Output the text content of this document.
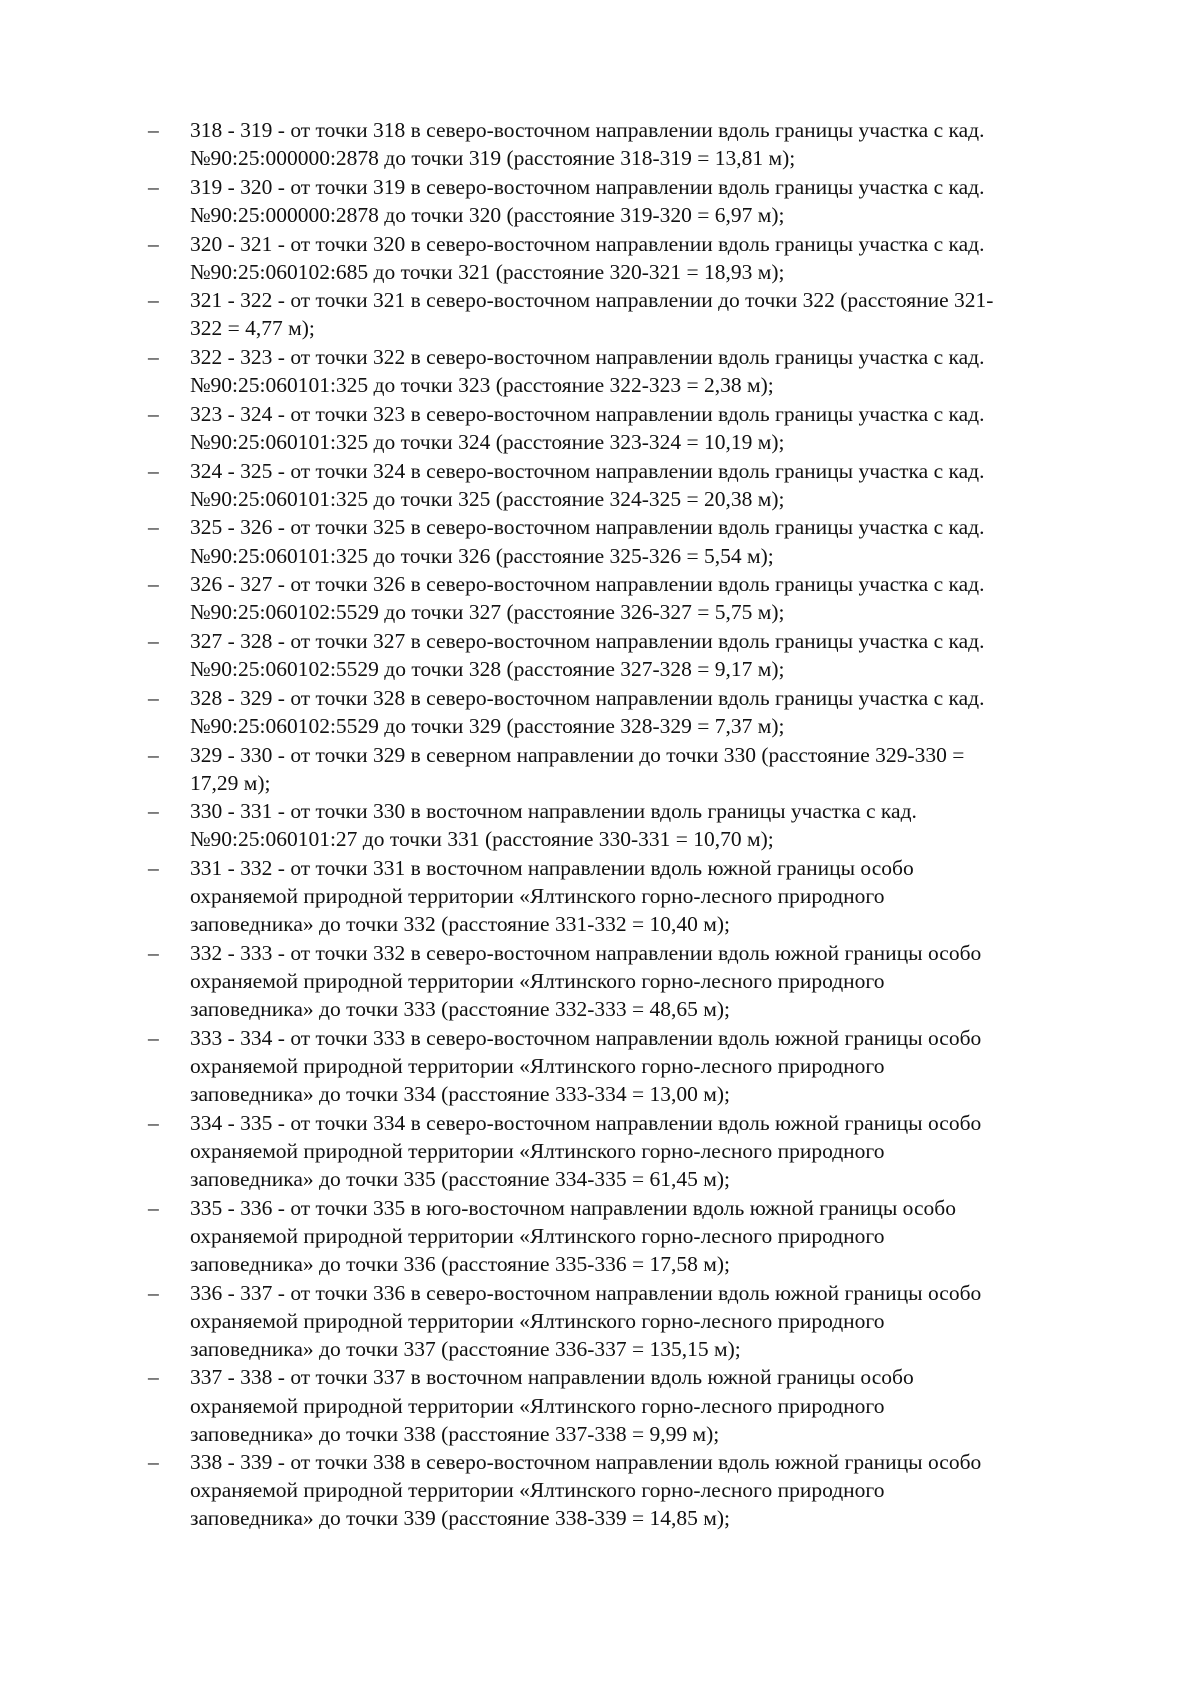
–	318 - 319 - от точки 318 в северо-восточном направлении вдоль границы участка с кад.
№90:25:000000:2878 до точки 319 (расстояние 318-319 = 13,81 м);
–	319 - 320 - от точки 319 в северо-восточном направлении вдоль границы участка с кад.
№90:25:000000:2878 до точки 320 (расстояние 319-320 = 6,97 м);
–	320 - 321 - от точки 320 в северо-восточном направлении вдоль границы участка с кад.
№90:25:060102:685 до точки 321 (расстояние 320-321 = 18,93 м);
–	321 - 322 - от точки 321 в северо-восточном направлении до точки 322 (расстояние 321-
322 = 4,77 м);
–	322 - 323 - от точки 322 в северо-восточном направлении вдоль границы участка с кад.
№90:25:060101:325 до точки 323 (расстояние 322-323 = 2,38 м);
–	323 - 324 - от точки 323 в северо-восточном направлении вдоль границы участка с кад.
№90:25:060101:325 до точки 324 (расстояние 323-324 = 10,19 м);
–	324 - 325 - от точки 324 в северо-восточном направлении вдоль границы участка с кад.
№90:25:060101:325 до точки 325 (расстояние 324-325 = 20,38 м);
–	325 - 326 - от точки 325 в северо-восточном направлении вдоль границы участка с кад.
№90:25:060101:325 до точки 326 (расстояние 325-326 = 5,54 м);
–	326 - 327 - от точки 326 в северо-восточном направлении вдоль границы участка с кад.
№90:25:060102:5529 до точки 327 (расстояние 326-327 = 5,75 м);
–	327 - 328 - от точки 327 в северо-восточном направлении вдоль границы участка с кад.
№90:25:060102:5529 до точки 328 (расстояние 327-328 = 9,17 м);
–	328 - 329 - от точки 328 в северо-восточном направлении вдоль границы участка с кад.
№90:25:060102:5529 до точки 329 (расстояние 328-329 = 7,37 м);
–	329 - 330 - от точки 329 в северном направлении до точки 330 (расстояние 329-330 =
17,29 м);
–	330 - 331 - от точки 330 в восточном направлении вдоль границы участка с кад.
№90:25:060101:27 до точки 331 (расстояние 330-331 = 10,70 м);
–	331 - 332 - от точки 331 в восточном направлении вдоль южной границы особо
охраняемой природной территории «Ялтинского горно-лесного природного
заповедника» до точки 332 (расстояние 331-332 = 10,40 м);
–	332 - 333 - от точки 332 в северо-восточном направлении вдоль южной границы особо
охраняемой природной территории «Ялтинского горно-лесного природного
заповедника» до точки 333 (расстояние 332-333 = 48,65 м);
–	333 - 334 - от точки 333 в северо-восточном направлении вдоль южной границы особо
охраняемой природной территории «Ялтинского горно-лесного природного
заповедника» до точки 334 (расстояние 333-334 = 13,00 м);
–	334 - 335 - от точки 334 в северо-восточном направлении вдоль южной границы особо
охраняемой природной территории «Ялтинского горно-лесного природного
заповедника» до точки 335 (расстояние 334-335 = 61,45 м);
–	335 - 336 - от точки 335 в юго-восточном направлении вдоль южной границы особо
охраняемой природной территории «Ялтинского горно-лесного природного
заповедника» до точки 336 (расстояние 335-336 = 17,58 м);
–	336 - 337 - от точки 336 в северо-восточном направлении вдоль южной границы особо
охраняемой природной территории «Ялтинского горно-лесного природного
заповедника» до точки 337 (расстояние 336-337 = 135,15 м);
–	337 - 338 - от точки 337 в восточном направлении вдоль южной границы особо
охраняемой природной территории «Ялтинского горно-лесного природного
заповедника» до точки 338 (расстояние 337-338 = 9,99 м);
–	338 - 339 - от точки 338 в северо-восточном направлении вдоль южной границы особо
охраняемой природной территории «Ялтинского горно-лесного природного
заповедника» до точки 339 (расстояние 338-339 = 14,85 м);
